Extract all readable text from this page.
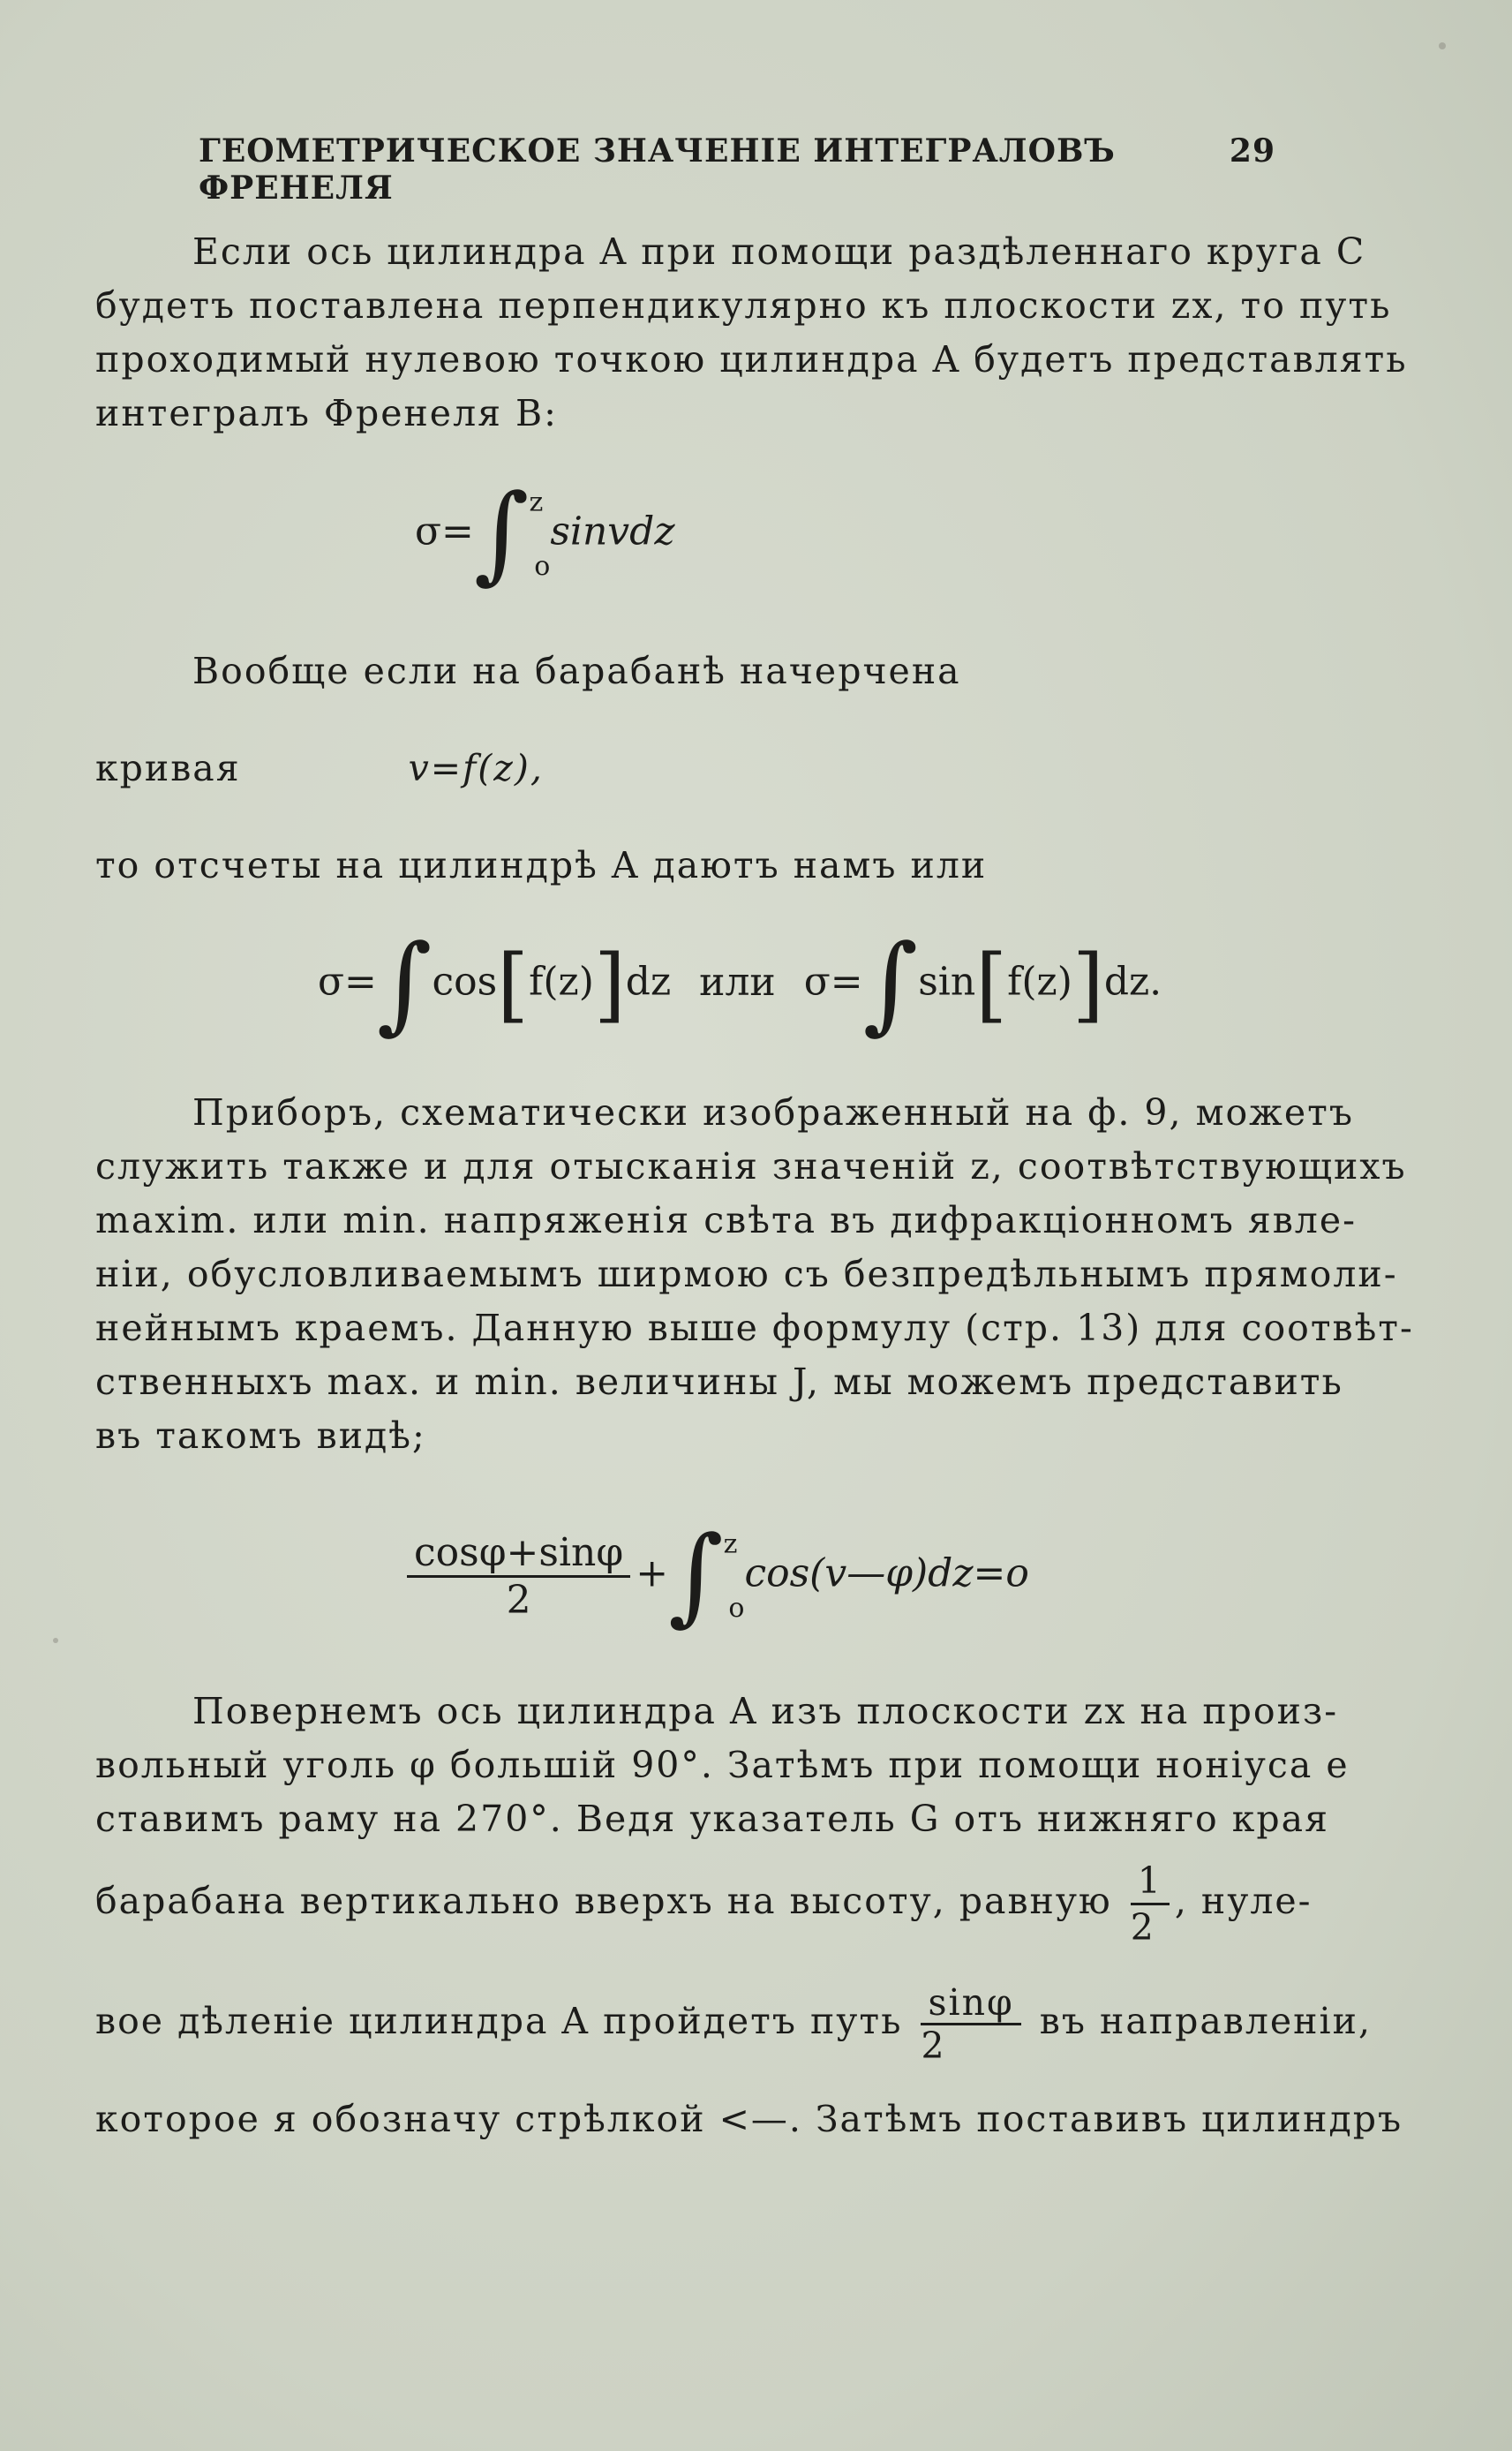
ГЕОМЕТРИЧЕСКОЕ ЗНАЧЕНІЕ ИНТЕГРАЛОВЪ ФРЕНЕЛЯ
29
Если ось цилиндра A при помощи раздѣленнаго круга C
будетъ поставлена перпендикулярно къ плоскости zx, то путь
проходимый нулевою точкою цилиндра A будетъ представлять
интегралъ Френеля B:
σ=∫$^z_o$sinvdz
Вообще если на барабанѣ начерчена
кривая	v=f(z),
то отсчеты на цилиндрѣ A даютъ намъ или
σ=∫cos[f(z)]dz или σ=∫sin[f(z)]dz.
Приборъ, схематически изображенный на ф. 9, можетъ
служить также и для отысканія значеній z, соотвѣтствующихъ
maxim. или min. напряженія свѣта въ дифракціонномъ явле-
ніи, обусловливаемымъ ширмою съ безпредѣльнымъ прямоли-
нейнымъ краемъ. Данную выше формулу (стр. 13) для соотвѣт-
ственныхъ max. и min. величины J, мы можемъ представить
въ такомъ видѣ;
$\frac{\cos\varphi+\sin\varphi}{2}$ +∫$^z_o$cos(v—φ)dz=o
Повернемъ ось цилиндра A изъ плоскости zx на произ-
вольный уголь φ большій 90°. Затѣмъ при помощи ноніуса e
ставимъ раму на 270°. Ведя указатель G отъ нижняго края
барабана вертикально вверхъ на высоту, равную $\frac{1}{2}$ , нуле-
вое дѣленіе цилиндра A пройдетъ путь $\frac{\sin\varphi}{2}$ въ направленіи,
которое я обозначу стрѣлкой <—. Затѣмъ поставивъ цилиндръ
